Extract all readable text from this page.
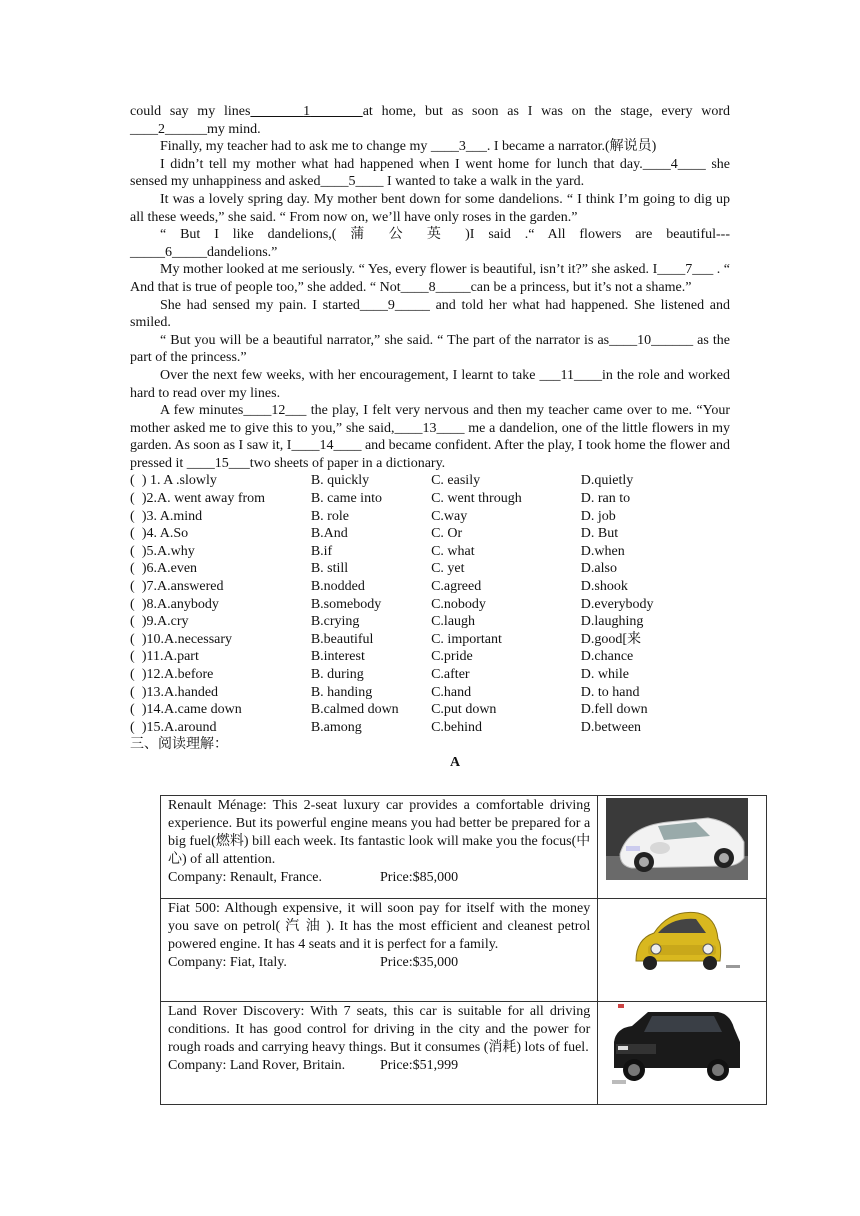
could say my lines	1	at home, but as soon as I was on the stage, every word

____2______my mind.

Finally, my teacher had to ask me to change my ____3___. I became a narrator.(解说员)

I didn’t tell my mother what had happened when I went home for lunch that day.____4____ she sensed my unhappiness and asked____5____ I wanted to take a walk in the yard.

It was a lovely spring day. My mother bent down for some dandelions. “ I think I’m going to dig up all these weeds,” she said. “ From now on, we’ll have only roses in the garden.”

“ But I like dandelions,( 蒲 公 英 )I said .“ All flowers are beautiful---

_____6_____dandelions.”

My mother looked at me seriously. “ Yes, every flower is beautiful, isn’t it?” she asked. I____7___ . “ And that is true of people too,” she added. “ Not____8_____can be a princess, but it’s not a shame.”

She had sensed my pain. I started____9_____ and told her what had happened. She listened and smiled.

“ But you will be a beautiful narrator,” she said. “ The part of the narrator is as____10______ as the part of the princess.”

Over the next few weeks, with her encouragement, I learnt to take ___11____in the role and worked hard to read over my lines.

A few minutes____12___ the play, I felt very nervous and then my teacher came over to me. “Your mother asked me to give this to you,” she said,____13____ me a dandelion, one of the little flowers in my garden. As soon as I saw it, I____14____ and became confident. After the play, I took home the flower and pressed it ____15___two sheets of paper in a dictionary.

(	) 1. A .slowly	B. quickly	C. easily	D.quietly
(	)2.A. went away from	B. came into	C. went through	D. ran to
(	)3. A.mind	B. role	C.way	D. job
(	)4. A.So	B.And	C. Or	D. But
(	)5.A.why	B.if	C. what	D.when
(	)6.A.even	B. still	C. yet	D.also
(	)7.A.answered	B.nodded	C.agreed	D.shook
(	)8.A.anybody	B.somebody	C.nobody	D.everybody
(	)9.A.cry	B.crying	C.laugh	D.laughing
(	)10.A.necessary	B.beautiful	C. important	D.good[来
(	)11.A.part	B.interest	C.pride	D.chance
(	)12.A.before	B. during	C.after	D. while
(	)13.A.handed	B. handing	C.hand	D. to hand
(	)14.A.came down	B.calmed down	C.put down	D.fell down
(	)15.A.around	B.among	C.behind	D.between
三、阅读理解：
A
Renault Ménage: This 2-seat luxury car provides a comfortable driving experience. But its powerful engine means you had better be prepared for a big fuel(燃料) bill each week. Its fantastic look will make you the focus(中心) of all attention.
Company: Renault, France. Price:$85,000

Fiat 500: Although expensive, it will soon pay for itself with the money you save on petrol( 汽 油 ). It has the most efficient and cleanest petrol powered engine. It has 4 seats and it is perfect for a family.
Company: Fiat, Italy. Price:$35,000

Land Rover Discovery: With 7 seats, this car is suitable for all driving conditions. It has good control for driving in the city and the power for rough roads and carrying heavy things. But it consumes (消耗) lots of fuel.
Company: Land Rover, Britain. Price:$51,999
